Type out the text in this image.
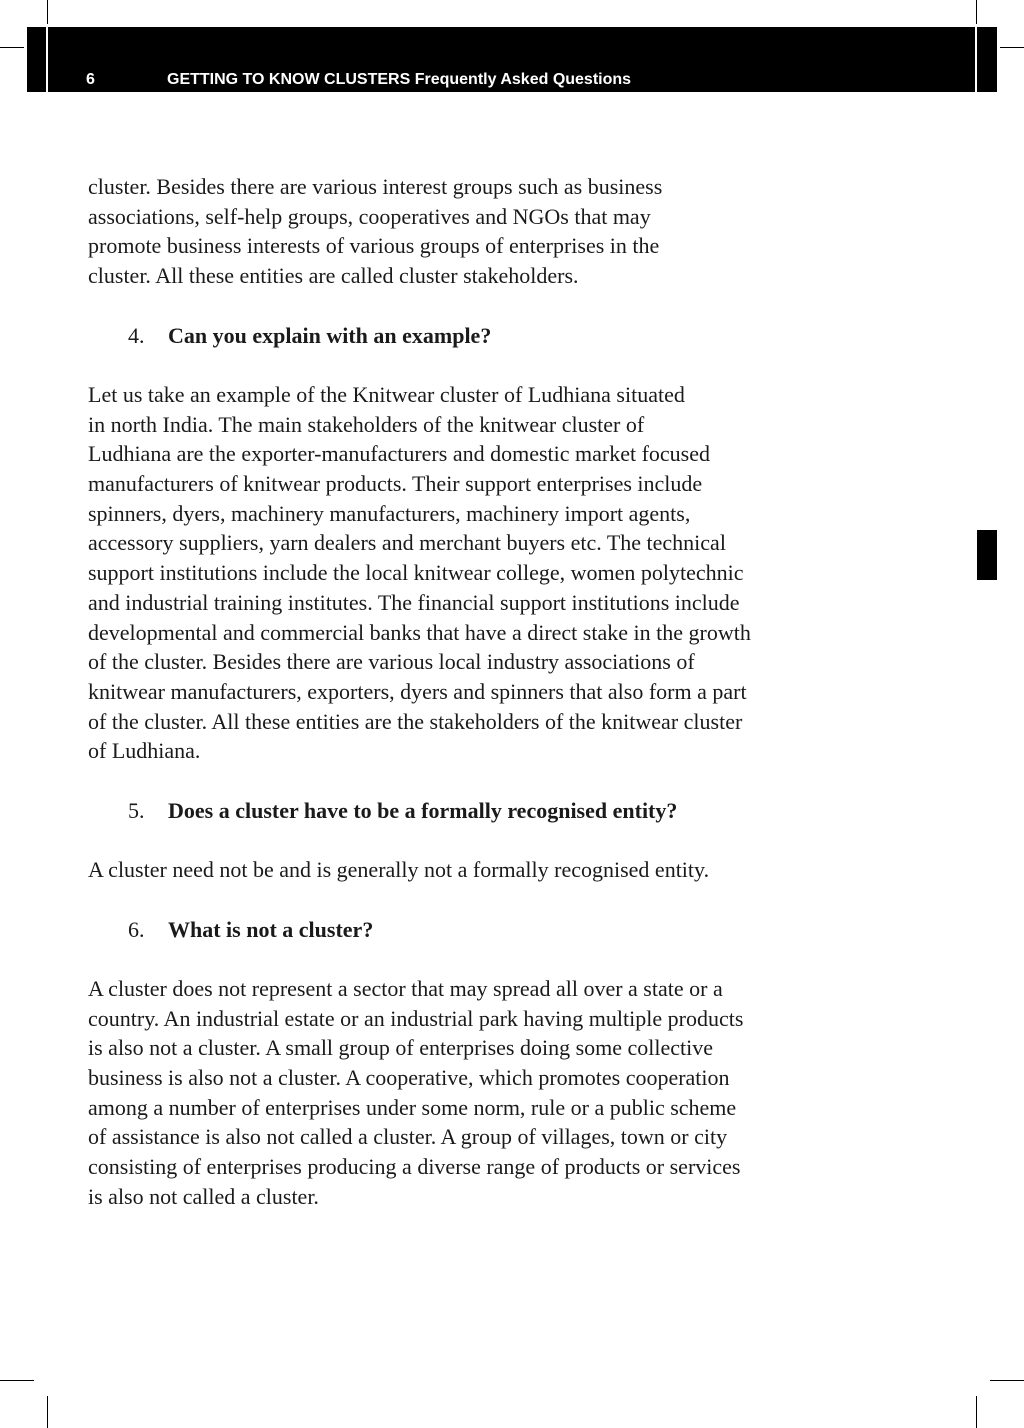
6	GETTING TO KNOW CLUSTERS Frequently Asked Questions

cluster. Besides there are various interest groups such as business
associations, self-help groups, cooperatives and NGOs that may
promote business interests of various groups of enterprises in the
cluster. All these entities are called cluster stakeholders.

4. Can you explain with an example?

Let us take an example of the Knitwear cluster of Ludhiana situated
in north India. The main stakeholders of the knitwear cluster of
Ludhiana are the exporter-manufacturers and domestic market focused
manufacturers of knitwear products. Their support enterprises include
spinners, dyers, machinery manufacturers, machinery import agents,
accessory suppliers, yarn dealers and merchant buyers etc. The technical
support institutions include the local knitwear college, women polytechnic
and industrial training institutes. The financial support institutions include
developmental and commercial banks that have a direct stake in the growth
of the cluster. Besides there are various local industry associations of
knitwear manufacturers, exporters, dyers and spinners that also form a part
of the cluster. All these entities are the stakeholders of the knitwear cluster
of Ludhiana.

5. Does a cluster have to be a formally recognised entity?

A cluster need not be and is generally not a formally recognised entity.

6. What is not a cluster?

A cluster does not represent a sector that may spread all over a state or a
country. An industrial estate or an industrial park having multiple products
is also not a cluster. A small group of enterprises doing some collective
business is also not a cluster. A cooperative, which promotes cooperation
among a number of enterprises under some norm, rule or a public scheme
of assistance is also not called a cluster. A group of villages, town or city
consisting of enterprises producing a diverse range of products or services
is also not called a cluster.
